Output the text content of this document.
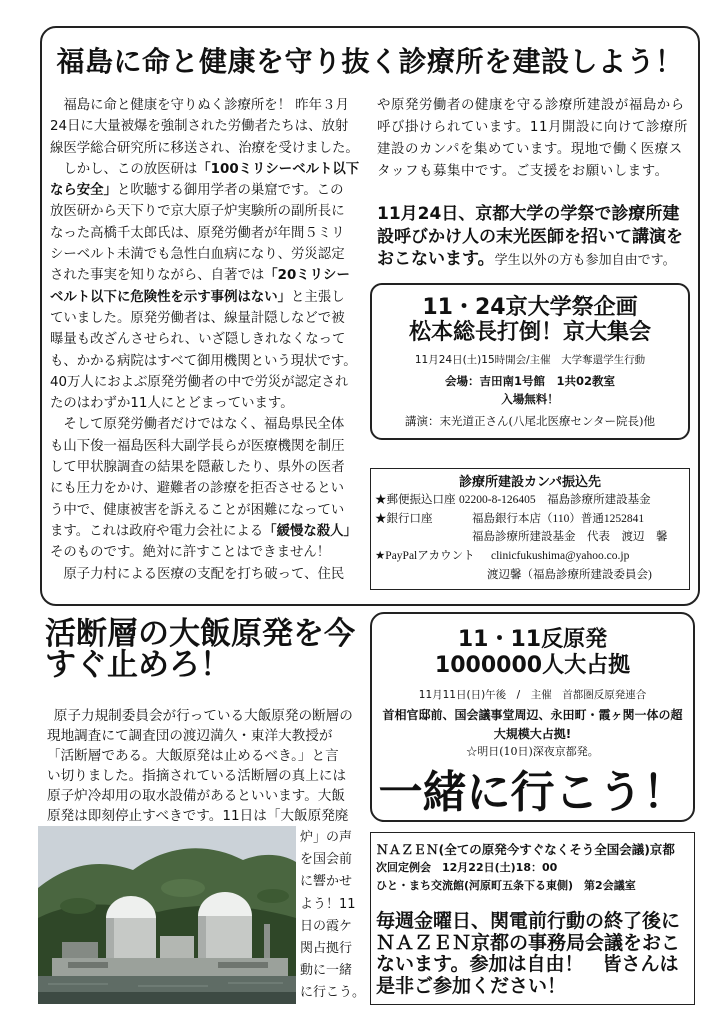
福島に命と健康を守り抜く診療所を建設しよう！
福島に命と健康を守りぬく診療所を！ 昨年３月
24日に大量被爆を強制された労働者たちは、放射
線医学総合研究所に移送され、治療を受けました。
しかし、この放医研は「100ミリシーベルト以下
なら安全」と吹聴する御用学者の巣窟です。この
放医研から天下りで京大原子炉実験所の副所長に
なった高橋千太郎氏は、原発労働者が年間５ミリ
シーベルト未満でも急性白血病になり、労災認定
された事実を知りながら、自著では「20ミリシー
ベルト以下に危険性を示す事例はない」と主張し
ていました。原発労働者は、線量計隠しなどで被
曝量も改ざんさせられ、いざ隠しきれなくなって
も、かかる病院はすべて御用機関という現状です。
40万人におよぶ原発労働者の中で労災が認定され
たのはわずか11人にとどまっています。
そして原発労働者だけではなく、福島県民全体
も山下俊一福島医科大副学長らが医療機関を制圧
して甲状腺調査の結果を隠蔽したり、県外の医者
にも圧力をかけ、避難者の診療を拒否させるとい
う中で、健康被害を訴えることが困難になってい
ます。これは政府や電力会社による「緩慢な殺人」
そのものです。絶対に許すことはできません！
原子力村による医療の支配を打ち破って、住民
や原発労働者の健康を守る診療所建設が福島から
呼び掛けられています。11月開設に向けて診療所
建設のカンパを集めています。現地で働く医療ス
タッフも募集中です。ご支援をお願いします。
11月24日、京都大学の学祭で診療所建
設呼びかけ人の末光医師を招いて講演を
おこないます。学生以外の方も参加自由です。
11・24京大学祭企画
松本総長打倒！京大集会
11月24日(土)15時開会/主催　大学奪還学生行動
会場：吉田南1号館　1共02教室
入場無料！
講演：末光道正さん(八尾北医療センター院長)他
診療所建設カンパ振込先
★郵便振込口座 02200-8-126405　福島診療所建設基金
★銀行口座	福島銀行本店（110）普通1252841
福島診療所建設基金　代表　渡辺　馨
★PayPalアカウント clinicfukushima@yahoo.co.jp
渡辺馨（福島診療所建設委員会)
活断層の大飯原発を今
すぐ止めろ！
原子力規制委員会が行っている大飯原発の断層の
現地調査にて調査団の渡辺満久・東洋大教授が
「活断層である。大飯原発は止めるべき。」と言
い切りました。指摘されている活断層の真上には
原子炉冷却用の取水設備があるといいます。大飯
原発は即刻停止すべきです。11日は「大飯原発廃
炉」の声
を国会前
に響かせ
よう！11
日の霞ケ
関占拠行
動に一緒
に行こう。
11・11反原発
1000000人大占拠
11月11日(日)午後　/　主催　首都圏反原発連合
首相官邸前、国会議事堂周辺、永田町・霞ヶ関一体の超
大規模大占拠!
☆明日(10日)深夜京都発。
一緒に行こう！
ＮＡＺＥＮ(全ての原発今すぐなくそう全国会議)京都
次回定例会　12月22日(土)18：00
ひと・まち交流館(河原町五条下る東側)　第2会議室
毎週金曜日、関電前行動の終了後に
ＮＡＺＥＮ京都の事務局会議をおこ
ないます。参加は自由！　皆さんは
是非ご参加ください！
